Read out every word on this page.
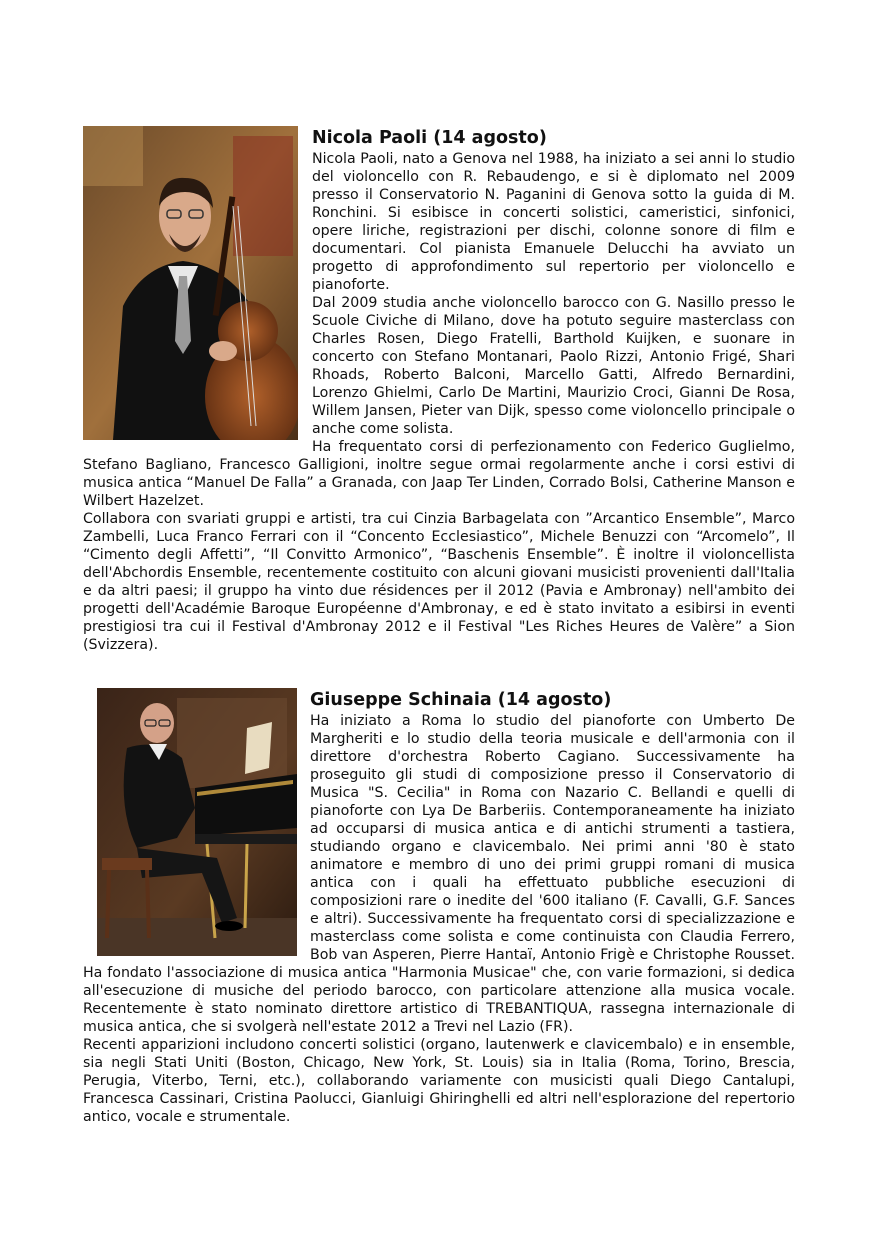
Nicola Paoli (14 agosto)

Nicola Paoli, nato a Genova nel 1988, ha iniziato a sei anni lo studio del violoncello con R. Rebaudengo, e si è diplomato nel 2009 presso il Conservatorio N. Paganini di Genova sotto la guida di M. Ronchini. Si esibisce in concerti solistici, cameristici, sinfonici, opere liriche, registrazioni per dischi, colonne sonore di film e documentari. Col pianista Emanuele Delucchi ha avviato un progetto di approfondimento sul repertorio per violoncello e pianoforte.

Dal 2009 studia anche violoncello barocco con G. Nasillo presso le Scuole Civiche di Milano, dove ha potuto seguire masterclass con Charles Rosen, Diego Fratelli, Barthold Kuijken, e suonare in concerto con Stefano Montanari, Paolo Rizzi, Antonio Frigé, Shari Rhoads, Roberto Balconi, Marcello Gatti, Alfredo Bernardini, Lorenzo Ghielmi, Carlo De Martini, Maurizio Croci, Gianni De Rosa, Willem Jansen, Pieter van Dijk, spesso come violoncello principale o anche come solista.

Ha frequentato corsi di perfezionamento con Federico Guglielmo, Stefano Bagliano, Francesco Galligioni, inoltre segue ormai regolarmente anche i corsi estivi di musica antica “Manuel De Falla” a Granada, con Jaap Ter Linden, Corrado Bolsi, Catherine Manson e Wilbert Hazelzet.

Collabora con svariati gruppi e artisti, tra cui Cinzia Barbagelata con ”Arcantico Ensemble”, Marco Zambelli, Luca Franco Ferrari con il “Concento Ecclesiastico”, Michele Benuzzi con “Arcomelo”, Il “Cimento degli Affetti”, “Il Convitto Armonico”, “Baschenis Ensemble”. È inoltre il violoncellista dell'Abchordis Ensemble, recentemente costituito con alcuni giovani musicisti provenienti dall'Italia e da altri paesi; il gruppo ha vinto due résidences per il 2012 (Pavia e Ambronay) nell'ambito dei progetti dell'Académie Baroque Européenne d'Ambronay, e ed è stato invitato a esibirsi in eventi prestigiosi tra cui il Festival d'Ambronay 2012 e il Festival "Les Riches Heures de Valère” a Sion (Svizzera).

Giuseppe Schinaia (14 agosto)

Ha iniziato a Roma lo studio del pianoforte con Umberto De Margheriti e lo studio della teoria musicale e dell'armonia con il direttore d'orchestra Roberto Cagiano. Successivamente ha proseguito gli studi di composizione presso il Conservatorio di Musica "S. Cecilia" in Roma con Nazario C. Bellandi e quelli di pianoforte con Lya De Barberiis. Contemporaneamente ha iniziato ad occuparsi di musica antica e di antichi strumenti a tastiera, studiando organo e clavicembalo. Nei primi anni '80 è stato animatore e membro di uno dei primi gruppi romani di musica antica con i quali ha effettuato pubbliche esecuzioni di composizioni rare o inedite del '600 italiano (F. Cavalli, G.F. Sances e altri). Successivamente ha frequentato corsi di specializzazione e masterclass come solista e come continuista con Claudia Ferrero, Bob van Asperen, Pierre Hantaï, Antonio Frigè e Christophe Rousset. Ha fondato l'associazione di musica antica "Harmonia Musicae" che, con varie formazioni, si dedica all'esecuzione di musiche del periodo barocco, con particolare attenzione alla musica vocale. Recentemente è stato nominato direttore artistico di TREBANTIQUA, rassegna internazionale di musica antica, che si svolgerà nell'estate 2012 a Trevi nel Lazio (FR).

Recenti apparizioni includono concerti solistici (organo, lautenwerk e clavicembalo) e in ensemble, sia negli Stati Uniti (Boston, Chicago, New York, St. Louis) sia in Italia (Roma, Torino, Brescia, Perugia, Viterbo, Terni, etc.), collaborando variamente con musicisti quali Diego Cantalupi, Francesca Cassinari, Cristina Paolucci, Gianluigi Ghiringhelli ed altri nell'esplorazione del repertorio antico, vocale e strumentale.
